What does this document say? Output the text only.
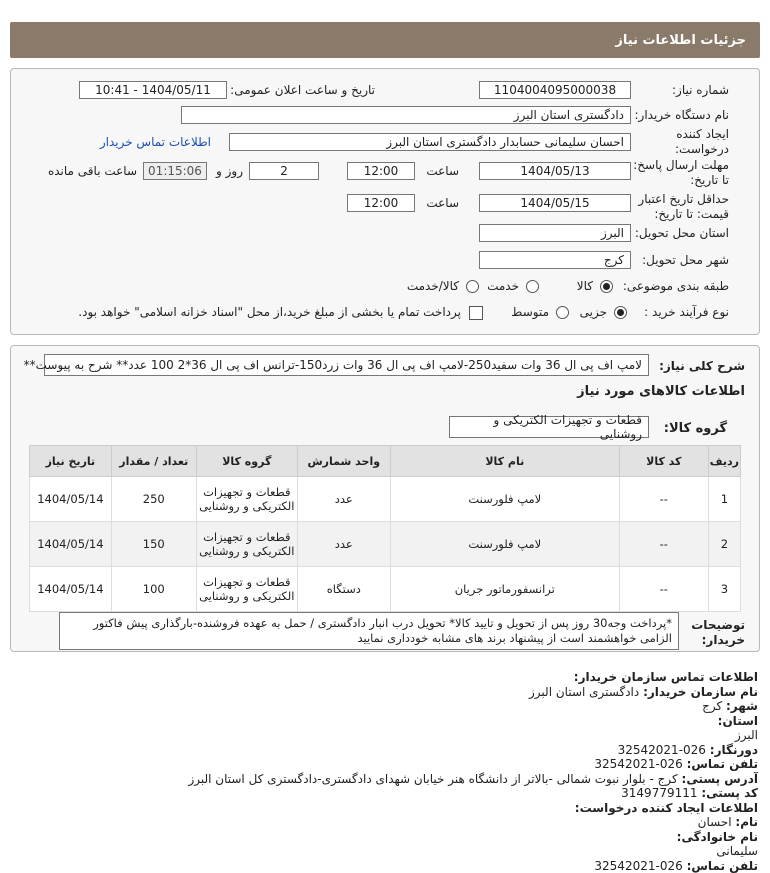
جزئیات اطلاعات نیاز
شماره نیاز:
1104004095000038
تاریخ و ساعت اعلان عمومی:
1404/05/11 - 10:41
نام دستگاه خریدار:
دادگستری استان البرز
ایجاد کننده
درخواست:
احسان سلیمانی حسابدار دادگستری استان البرز
اطلاعات تماس خریدار
مهلت ارسال پاسخ:
تا تاریخ:
1404/05/13
ساعت
12:00
2
روز و
01:15:06
ساعت باقی مانده
حداقل تاریخ اعتبار
قیمت: تا تاریخ:
1404/05/15
ساعت
12:00
استان محل تحویل:
البرز
شهر محل تحویل:
کرج
طبقه بندی موضوعی:
کالا
خدمت
کالا/خدمت
نوع فرآیند خرید :
جزیی
متوسط
پرداخت تمام یا بخشی از مبلغ خرید،از محل "اسناد خزانه اسلامی" خواهد بود.
شرح کلی نیاز:
لامپ اف پی ال 36 وات سفید250-لامپ اف پی ال 36 وات زرد150-ترانس اف پی ال 36*2 100 عدد** شرح به پیوست**
اطلاعات کالاهای مورد نیاز
گروه کالا:
قطعات و تجهیزات الکتریکی و روشنایی
ردیف	کد کالا	نام کالا	واحد شمارش	گروه کالا	تعداد / مقدار	تاریخ نیاز
1	--	لامپ فلورسنت	عدد	قطعات و تجهیزات الکتریکی و روشنایی	250	1404/05/14
2	--	لامپ فلورسنت	عدد	قطعات و تجهیزات الکتریکی و روشنایی	150	1404/05/14
3	--	ترانسفورماتور جریان	دستگاه	قطعات و تجهیزات الکتریکی و روشنایی	100	1404/05/14
توضیحات
خریدار:
*پرداخت وجه30 روز پس از تحویل و تایید کالا* تحویل درب انبار دادگستری / حمل به عهده فروشنده-بارگذاری پیش فاکتور الزامی خواهشمند است از پیشنهاد برند های مشابه خودداری نمایید
اطلاعات تماس سازمان خریدار:
نام سازمان خریدار: دادگستری استان البرز
شهر: کرج
استان:
البرز
دورنگار: 026-32542021
تلفن تماس: 026-32542021
آدرس پستی: کرج - بلوار نبوت شمالی -بالاتر از دانشگاه هنر خیابان شهدای دادگستری-دادگستری کل استان البرز
کد پستی: 3149779111
اطلاعات ایجاد کننده درخواست:
نام: احسان
نام خانوادگی:
سلیمانی
تلفن تماس: 026-32542021
